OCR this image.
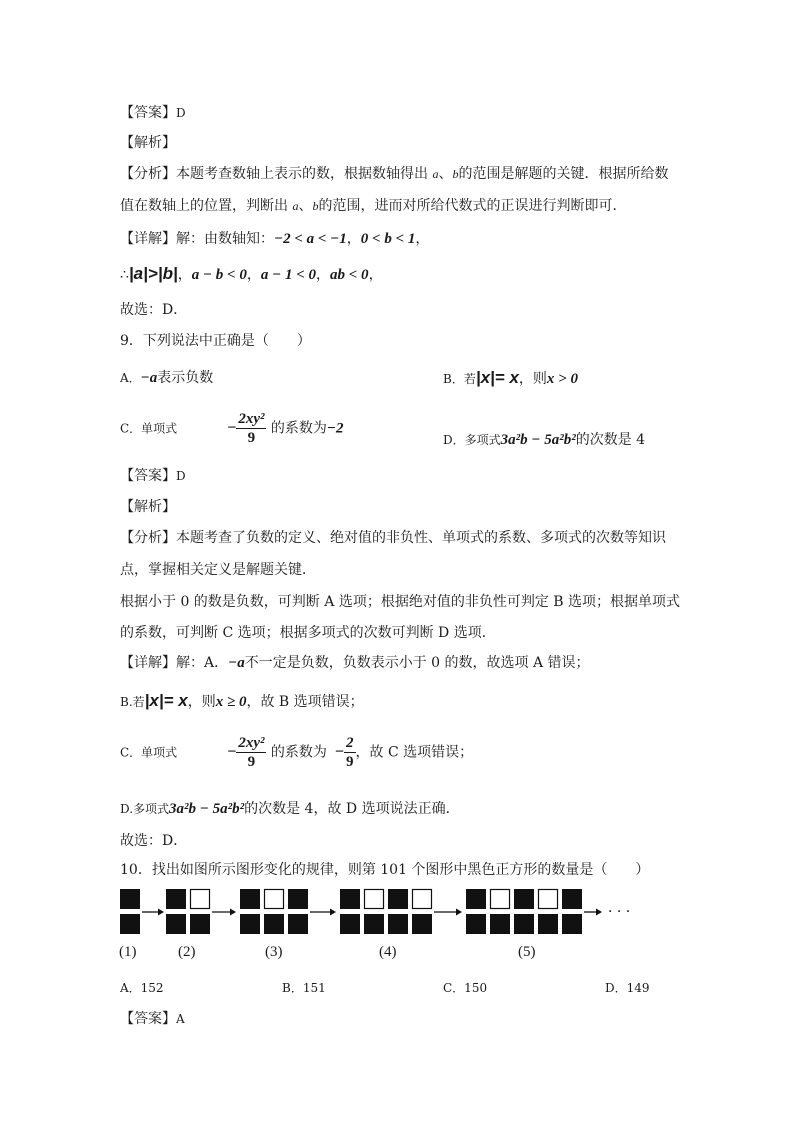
【答案】D
【解析】
【分析】本题考查数轴上表示的数，根据数轴得出 a、b的范围是解题的关键．根据所给数
值在数轴上的位置，判断出 a、b的范围，进而对所给代数式的正误进行判断即可．
【详解】解：由数轴知：−2 < a < −1，0 < b < 1，
∴|a|>|b|，a − b < 0，a − 1 < 0，ab < 0，
故选：D．
9．下列说法中正确是（　　）
A．−a表示负数	B．若|x|= x，则x > 0
C．单项式	− $\frac{\text{2xy²}}{9}$ 的系数为−2
D．多项式3a²b − 5a²b²的次数是 4
【答案】D
【解析】
【分析】本题考查了负数的定义、绝对值的非负性、单项式的系数、多项式的次数等知识
点，掌握相关定义是解题关键．
根据小于 0 的数是负数，可判断 A 选项；根据绝对值的非负性可判定 B 选项；根据单项式
的系数，可判断 C 选项；根据多项式的次数可判断 D 选项．
【详解】解：A．−a不一定是负数，负数表示小于 0 的数，故选项 A 错误；
B.若|x|= x，则x ≥ 0，故 B 选项错误；
C．单项式	− $\frac{\text{2xy²}}{9}$ 的系数为 − $\frac{2}{9}$ ，故 C 选项错误；
D.多项式3a²b − 5a²b²的次数是 4，故 D 选项说法正确．
故选：D．
10．找出如图所示图形变化的规律，则第 101 个图形中黑色正方形的数量是（　　）
· · ·
(1)	(2)	(3)	(4)	(5)
A．152	B．151	C．150	D．149
【答案】A
